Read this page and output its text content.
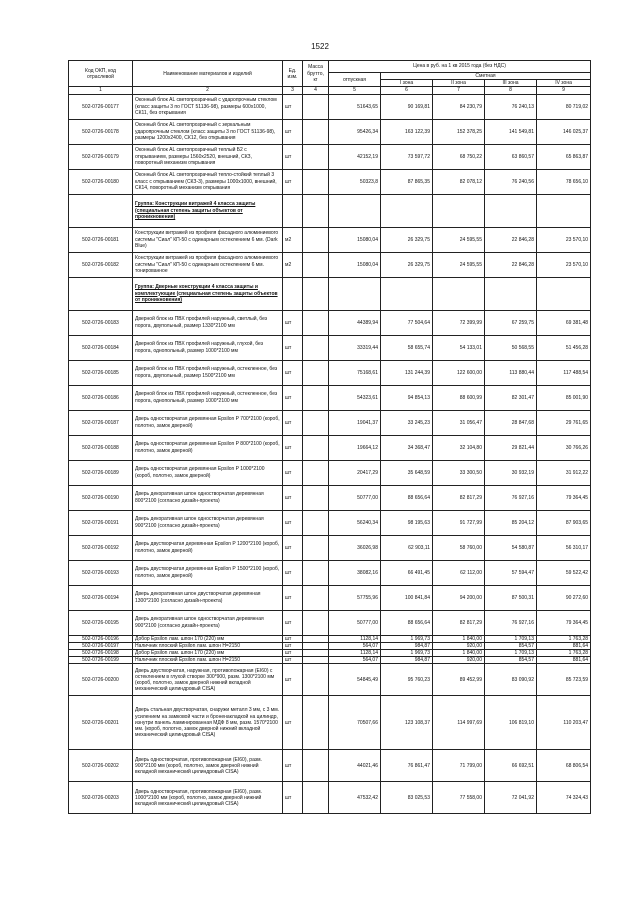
1522
Код ОКП, код отраслевой	Наименование материалов и изделий	Ед. изм.	Масса брутто, кг	Цена в руб. на 1 кв 2015 года (без НДС)				
				отпускная	Сметная			
					I зона	II зона	III зона	IV зона
1	2	3	4	5	6	7	8	9
502-0726-00177	Оконный блок AL светопрозрачный с ударопрочным стеклом (класс защиты 3 по ГОСТ 51136-98), размеры 600х1000, СК11, без открывания	шт		51643,65	90 169,81	84 230,79	76 240,13	80 719,02
502-0726-00178	Оконный блок AL светопрозрачный с зеркальным ударопрочным стеклом (класс защиты 3 по ГОСТ 51136-98), размеры 1200х2400, СК12, без открывания	шт		95426,34	163 122,39	152 378,25	141 549,81	146 025,37
502-0726-00179	Оконный блок AL светопрозрачный теплый Б2 с открыванием, размеры 1560х2520, внешний, СКЗ, поворотный механизм открывания	шт		42152,19	73 597,72	68 750,22	63 860,57	65 863,87
502-0726-00180	Оконный блок AL светопрозрачный тепло-стойкий теплый 3 класс с открыванием (СКЗ-3), размеры 1000х1000, внешний, СК14, поворотный механизм открывания	шт		50323,8	87 865,35	82 078,12	76 240,56	78 656,10
	Группа: Конструкции витражей 4 класса защиты (специальная степень защиты объектов от проникновения)							
502-0726-00181	Конструкции витражей из профиля фасадного алюминиевого системы "Сиал" КП-50 с одинарным остеклением 6 мм. (Dark Blue)	м2		15080,04	26 329,75	24 595,55	22 846,28	23 570,10
502-0726-00182	Конструкции витражей из профиля фасадного алюминиевого системы "Сиал" КП-50 с одинарным остеклением 6 мм. тонированное	м2		15080,04	26 329,75	24 595,55	22 846,28	23 570,10
	Группа: Дверные конструкции 4 класса защиты и комплектующие (специальная степень защиты объектов от проникновения)							
502-0726-00183	Дверной блок из ПВХ профилей наружный, светлый, без порога, двупольный, размер 1330*2100 мм	шт		44389,94	77 504,64	72 399,99	67 259,75	69 381,48
502-0726-00184	Дверной блок из ПВХ профилей наружный, глухой, без порога, однопольный, размер 1000*2100 мм	шт		33319,44	58 655,74	54 133,01	50 568,55	51 456,28
502-0726-00185	Дверной блок из ПВХ профилей наружный, остекленное, без порога, двупольный, размер 1500*2100 мм	шт		75168,61	131 244,39	122 600,00	113 880,44	117 488,54
502-0726-00186	Дверной блок из ПВХ профилей наружный, остекленное, без порога, однопольный, размер 1000*2100 мм	шт		54323,61	94 854,13	88 600,99	82 301,47	85 001,90
502-0726-00187	Дверь одностворчатая деревянная Epsilon P 700*2100 (короб, полотно, замок дверной)	шт		19041,37	33 245,23	31 056,47	28 847,68	29 761,65
502-0726-00188	Дверь одностворчатая деревянная Epsilon P 800*2100 (короб, полотно, замок дверной)	шт		19664,12	34 368,47	32 104,80	29 821,44	30 766,26
502-0726-00189	Дверь одностворчатая деревянная Epsilon P 1000*2100 (короб, полотно, замок дверной)	шт		20417,29	35 648,59	33 300,50	30 932,19	31 912,22
502-0726-00190	Дверь декоративная шпон одностворчатая деревянная 800*2100 (согласно дизайн-проекта)	шт		50777,00	88 656,64	82 817,29	76 927,16	79 364,45
502-0726-00191	Дверь декоративная шпон одностворчатая деревянная 900*2100 (согласно дизайн-проекта)	шт		56240,34	98 195,63	91 727,99	85 204,12	87 903,65
502-0726-00192	Дверь двустворчатая деревянная Epsilon P 1200*2100 (короб, полотно, замок дверной)	шт		36026,98	62 903,11	58 760,00	54 580,87	56 310,17
502-0726-00193	Дверь двустворчатая деревянная Epsilon P 1500*2100 (короб, полотно, замок дверной)	шт		38082,16	66 491,45	62 112,00	57 594,47	59 522,42
502-0726-00194	Дверь декоративная шпон двустворчатая деревянная 1300*2100 (согласно дизайн-проекта)	шт		57755,96	100 841,84	94 200,00	87 500,31	90 272,60
502-0726-00195	Дверь декоративная шпон одностворчатая деревянная 900*2100 (согласно дизайн-проекта)	шт		50777,00	88 656,64	82 817,29	76 927,16	79 364,45
502-0726-00196	Добор Epsilon лам. шпон 170 (220) мм	шт		1128,14	1 969,73	1 840,00	1 709,13	1 763,28
502-0726-00197	Наличник плоский Epsilon лам. шпон Н=2150	шт		564,07	984,87	920,00	854,57	881,64
502-0726-00198	Добор Epsilon лам. шпон 170 (220) мм	шт		1128,14	1 969,73	1 840,00	1 709,13	1 763,28
502-0726-00199	Наличник плоский Epsilon лам. шпон Н=2150	шт		564,07	984,87	920,00	854,57	881,64
502-0726-00200	Дверь двустворчатая, наружная, противопожарная (EI60) с остеклением в глухой створке 300*900, разм. 1300*2100 мм (короб, полотно, замок дверной нижний вкладной механический цилиндровый CISA)	шт		54845,49	95 760,23	89 452,99	83 090,92	85 723,59
502-0726-00201	Дверь стальная двустворчатая, снаружи металл 3 мм, с 3 мм. усилением на замковой части и броненакладкой на цилиндр, изнутри панель ламинированная МДФ 8 мм, разм. 1570*2100 мм. (короб, полотно, замок дверной нижний вкладной механический цилиндровый CISA)	шт		70507,66	123 108,37	114 997,69	106 819,10	110 203,47
502-0726-00202	Дверь одностворчатая, противопожарная (EI60), разм. 900*2100 мм (короб, полотно, замок дверной нижний вкладной механический цилиндровый CISA)	шт		44021,46	76 861,47	71 799,00	66 692,51	68 806,54
502-0726-00203	Дверь одностворчатая, противопожарная (EI60), разм. 1000*2100 мм (короб, полотно, замок дверной нижний вкладной механический цилиндровый CISA)	шт		47532,42	83 025,53	77 558,00	72 041,92	74 324,43
